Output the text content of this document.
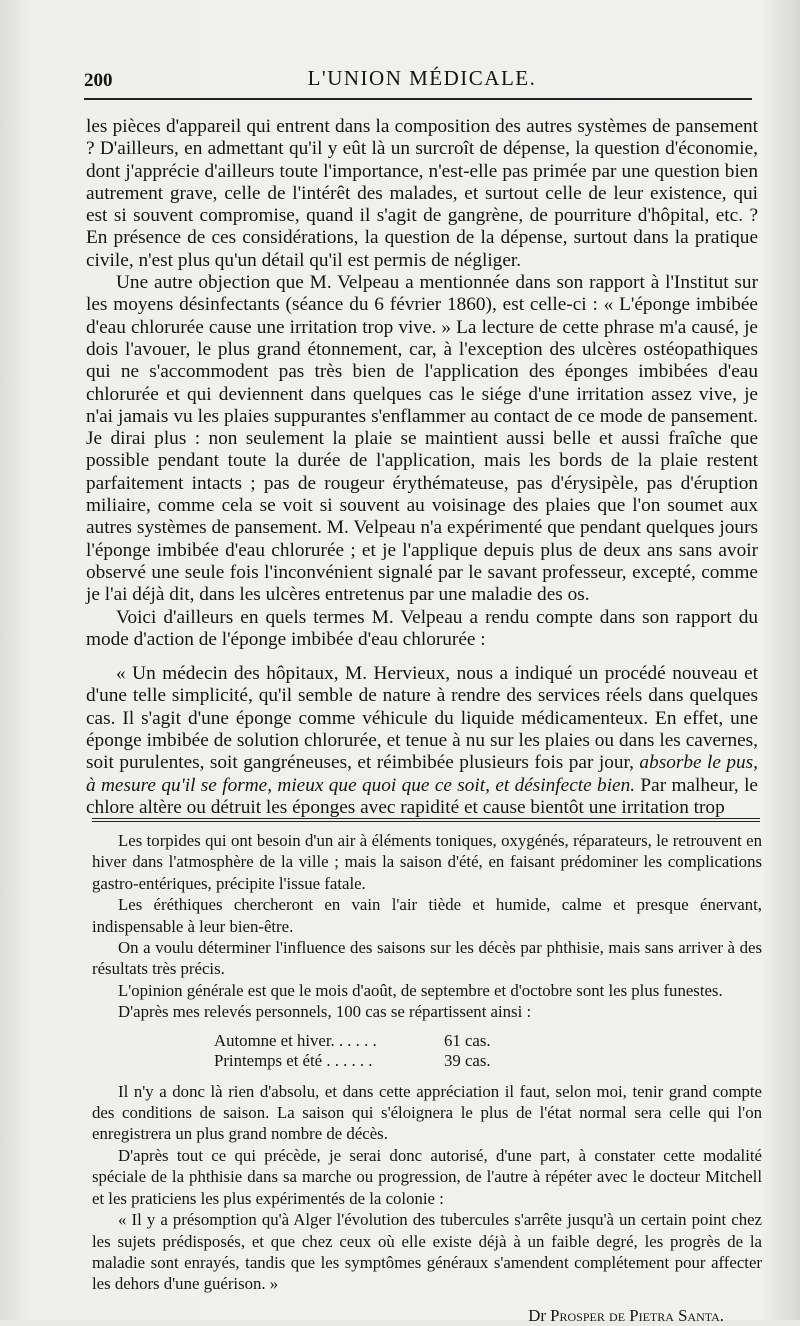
200	L'UNION MÉDICALE.

les pièces d'appareil qui entrent dans la composition des autres systèmes de pansement ? D'ailleurs, en admettant qu'il y eût là un surcroît de dépense, la question d'économie, dont j'apprécie d'ailleurs toute l'importance, n'est-elle pas primée par une question bien autrement grave, celle de l'intérêt des malades, et surtout celle de leur existence, qui est si souvent compromise, quand il s'agit de gangrène, de pourriture d'hôpital, etc. ? En présence de ces considérations, la question de la dépense, surtout dans la pratique civile, n'est plus qu'un détail qu'il est permis de négliger.

Une autre objection que M. Velpeau a mentionnée dans son rapport à l'Institut sur les moyens désinfectants (séance du 6 février 1860), est celle-ci : « L'éponge imbibée d'eau chlorurée cause une irritation trop vive. » La lecture de cette phrase m'a causé, je dois l'avouer, le plus grand étonnement, car, à l'exception des ulcères ostéopathiques qui ne s'accommodent pas très bien de l'application des éponges imbibées d'eau chlorurée et qui deviennent dans quelques cas le siége d'une irritation assez vive, je n'ai jamais vu les plaies suppurantes s'enflammer au contact de ce mode de pansement. Je dirai plus : non seulement la plaie se maintient aussi belle et aussi fraîche que possible pendant toute la durée de l'application, mais les bords de la plaie restent parfaitement intacts ; pas de rougeur érythémateuse, pas d'érysipèle, pas d'éruption miliaire, comme cela se voit si souvent au voisinage des plaies que l'on soumet aux autres systèmes de pansement. M. Velpeau n'a expérimenté que pendant quelques jours l'éponge imbibée d'eau chlorurée ; et je l'applique depuis plus de deux ans sans avoir observé une seule fois l'inconvénient signalé par le savant professeur, excepté, comme je l'ai déjà dit, dans les ulcères entretenus par une maladie des os.

Voici d'ailleurs en quels termes M. Velpeau a rendu compte dans son rapport du mode d'action de l'éponge imbibée d'eau chlorurée :

« Un médecin des hôpitaux, M. Hervieux, nous a indiqué un procédé nouveau et d'une telle simplicité, qu'il semble de nature à rendre des services réels dans quelques cas. Il s'agit d'une éponge comme véhicule du liquide médicamenteux. En effet, une éponge imbibée de solution chlorurée, et tenue à nu sur les plaies ou dans les cavernes, soit purulentes, soit gangréneuses, et réimbibée plusieurs fois par jour, absorbe le pus, à mesure qu'il se forme, mieux que quoi que ce soit, et désinfecte bien. Par malheur, le chlore altère ou détruit les éponges avec rapidité et cause bientôt une irritation trop

Les torpides qui ont besoin d'un air à éléments toniques, oxygénés, réparateurs, le retrouvent en hiver dans l'atmosphère de la ville ; mais la saison d'été, en faisant prédominer les complications gastro-entériques, précipite l'issue fatale.

Les éréthiques chercheront en vain l'air tiède et humide, calme et presque énervant, indispensable à leur bien-être.

On a voulu déterminer l'influence des saisons sur les décès par phthisie, mais sans arriver à des résultats très précis.

L'opinion générale est que le mois d'août, de septembre et d'octobre sont les plus funestes.

D'après mes relevés personnels, 100 cas se répartissent ainsi :

Automne et hiver. . . . . .	61 cas.
Printemps et été . . . . . .	39 cas.

Il n'y a donc là rien d'absolu, et dans cette appréciation il faut, selon moi, tenir grand compte des conditions de saison. La saison qui s'éloignera le plus de l'état normal sera celle qui l'on enregistrera un plus grand nombre de décès.

D'après tout ce qui précède, je serai donc autorisé, d'une part, à constater cette modalité spéciale de la phthisie dans sa marche ou progression, de l'autre à répéter avec le docteur Mitchell et les praticiens les plus expérimentés de la colonie :

« Il y a présomption qu'à Alger l'évolution des tubercules s'arrête jusqu'à un certain point chez les sujets prédisposés, et que chez ceux où elle existe déjà à un faible degré, les progrès de la maladie sont enrayés, tandis que les symptômes généraux s'amendent complétement pour affecter les dehors d'une guérison. »

Dr Prosper de Pietra Santa.
